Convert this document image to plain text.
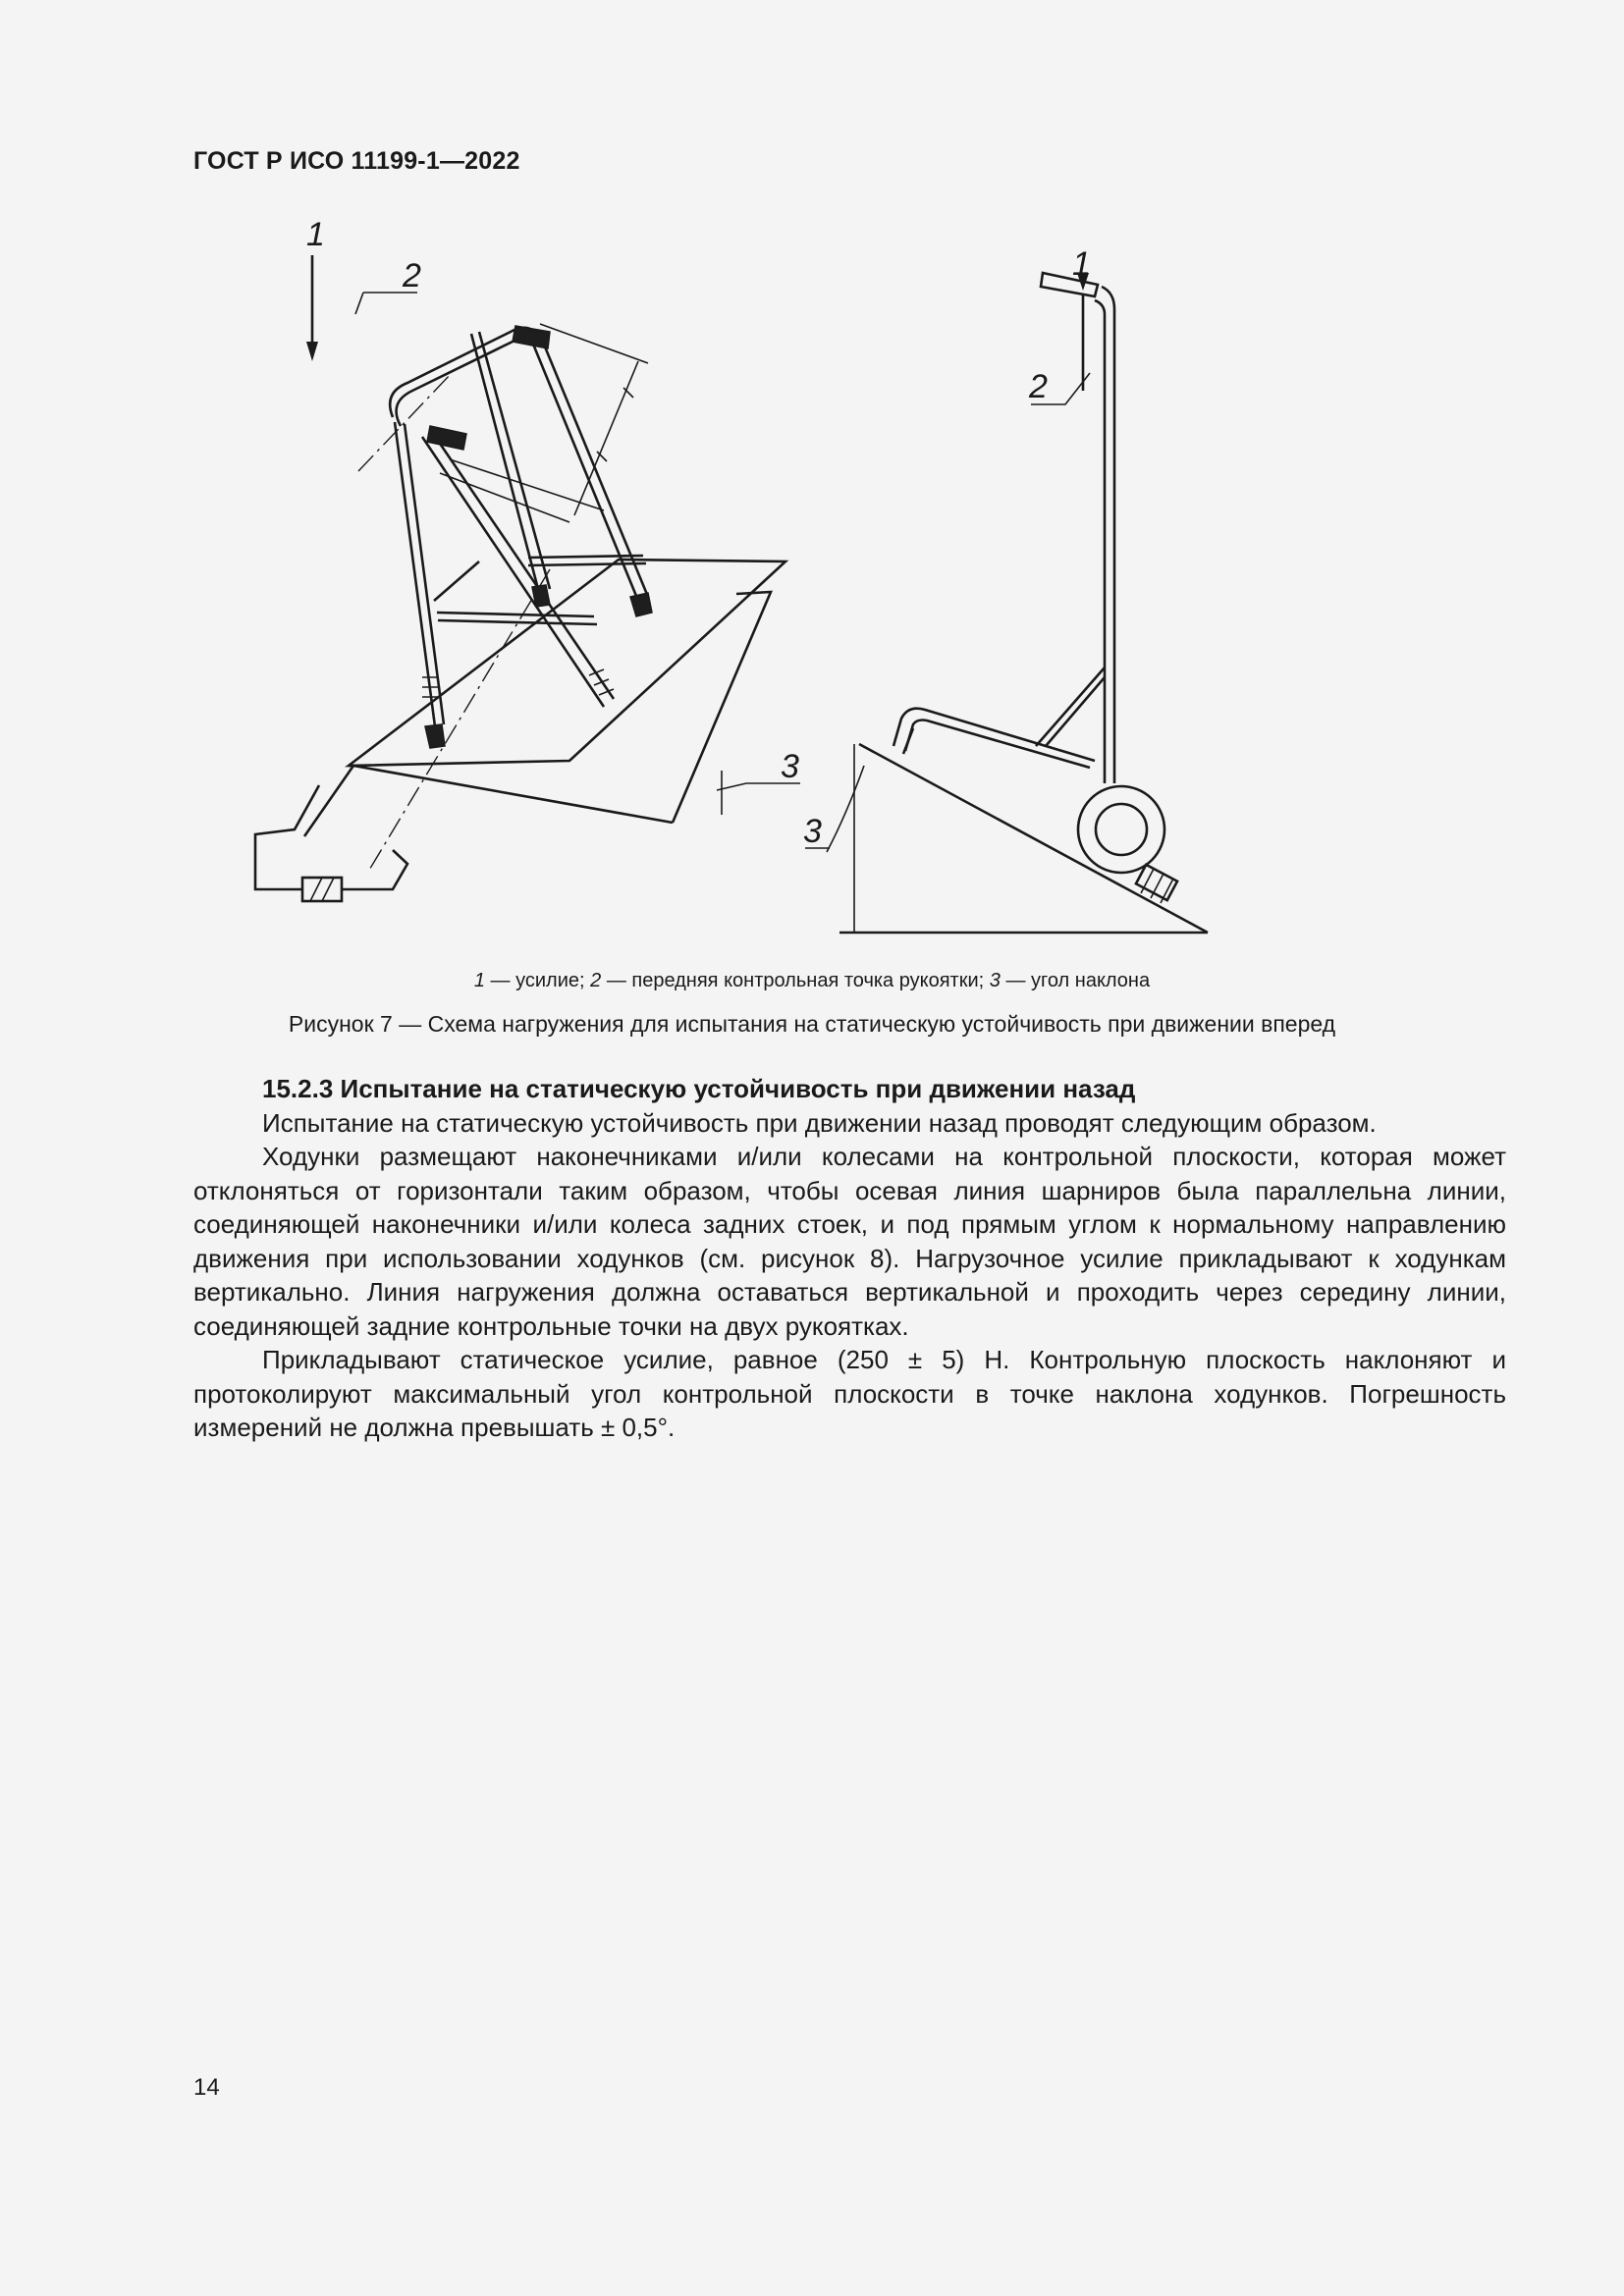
ГОСТ Р ИСО 11199-1—2022
1
2
3
1
2
3
1 — усилие; 2 — передняя контрольная точка рукоятки; 3 — угол наклона
Рисунок 7 — Схема нагружения для испытания на статическую устойчивость при движении вперед
15.2.3 Испытание на статическую устойчивость при движении назад

Испытание на статическую устойчивость при движении назад проводят следующим образом.

Ходунки размещают наконечниками и/или колесами на контрольной плоскости, которая может отклоняться от горизонтали таким образом, чтобы осевая линия шарниров была параллельна линии, соединяющей наконечники и/или колеса задних стоек, и под прямым углом к нормальному направлению движения при использовании ходунков (см. рисунок 8). Нагрузочное усилие прикладывают к ходункам вертикально. Линия нагружения должна оставаться вертикальной и проходить через середину линии, соединяющей задние контрольные точки на двух рукоятках.

Прикладывают статическое усилие, равное (250 ± 5) Н. Контрольную плоскость наклоняют и протоколируют максимальный угол контрольной плоскости в точке наклона ходунков. Погрешность измерений не должна превышать ± 0,5°.

14
